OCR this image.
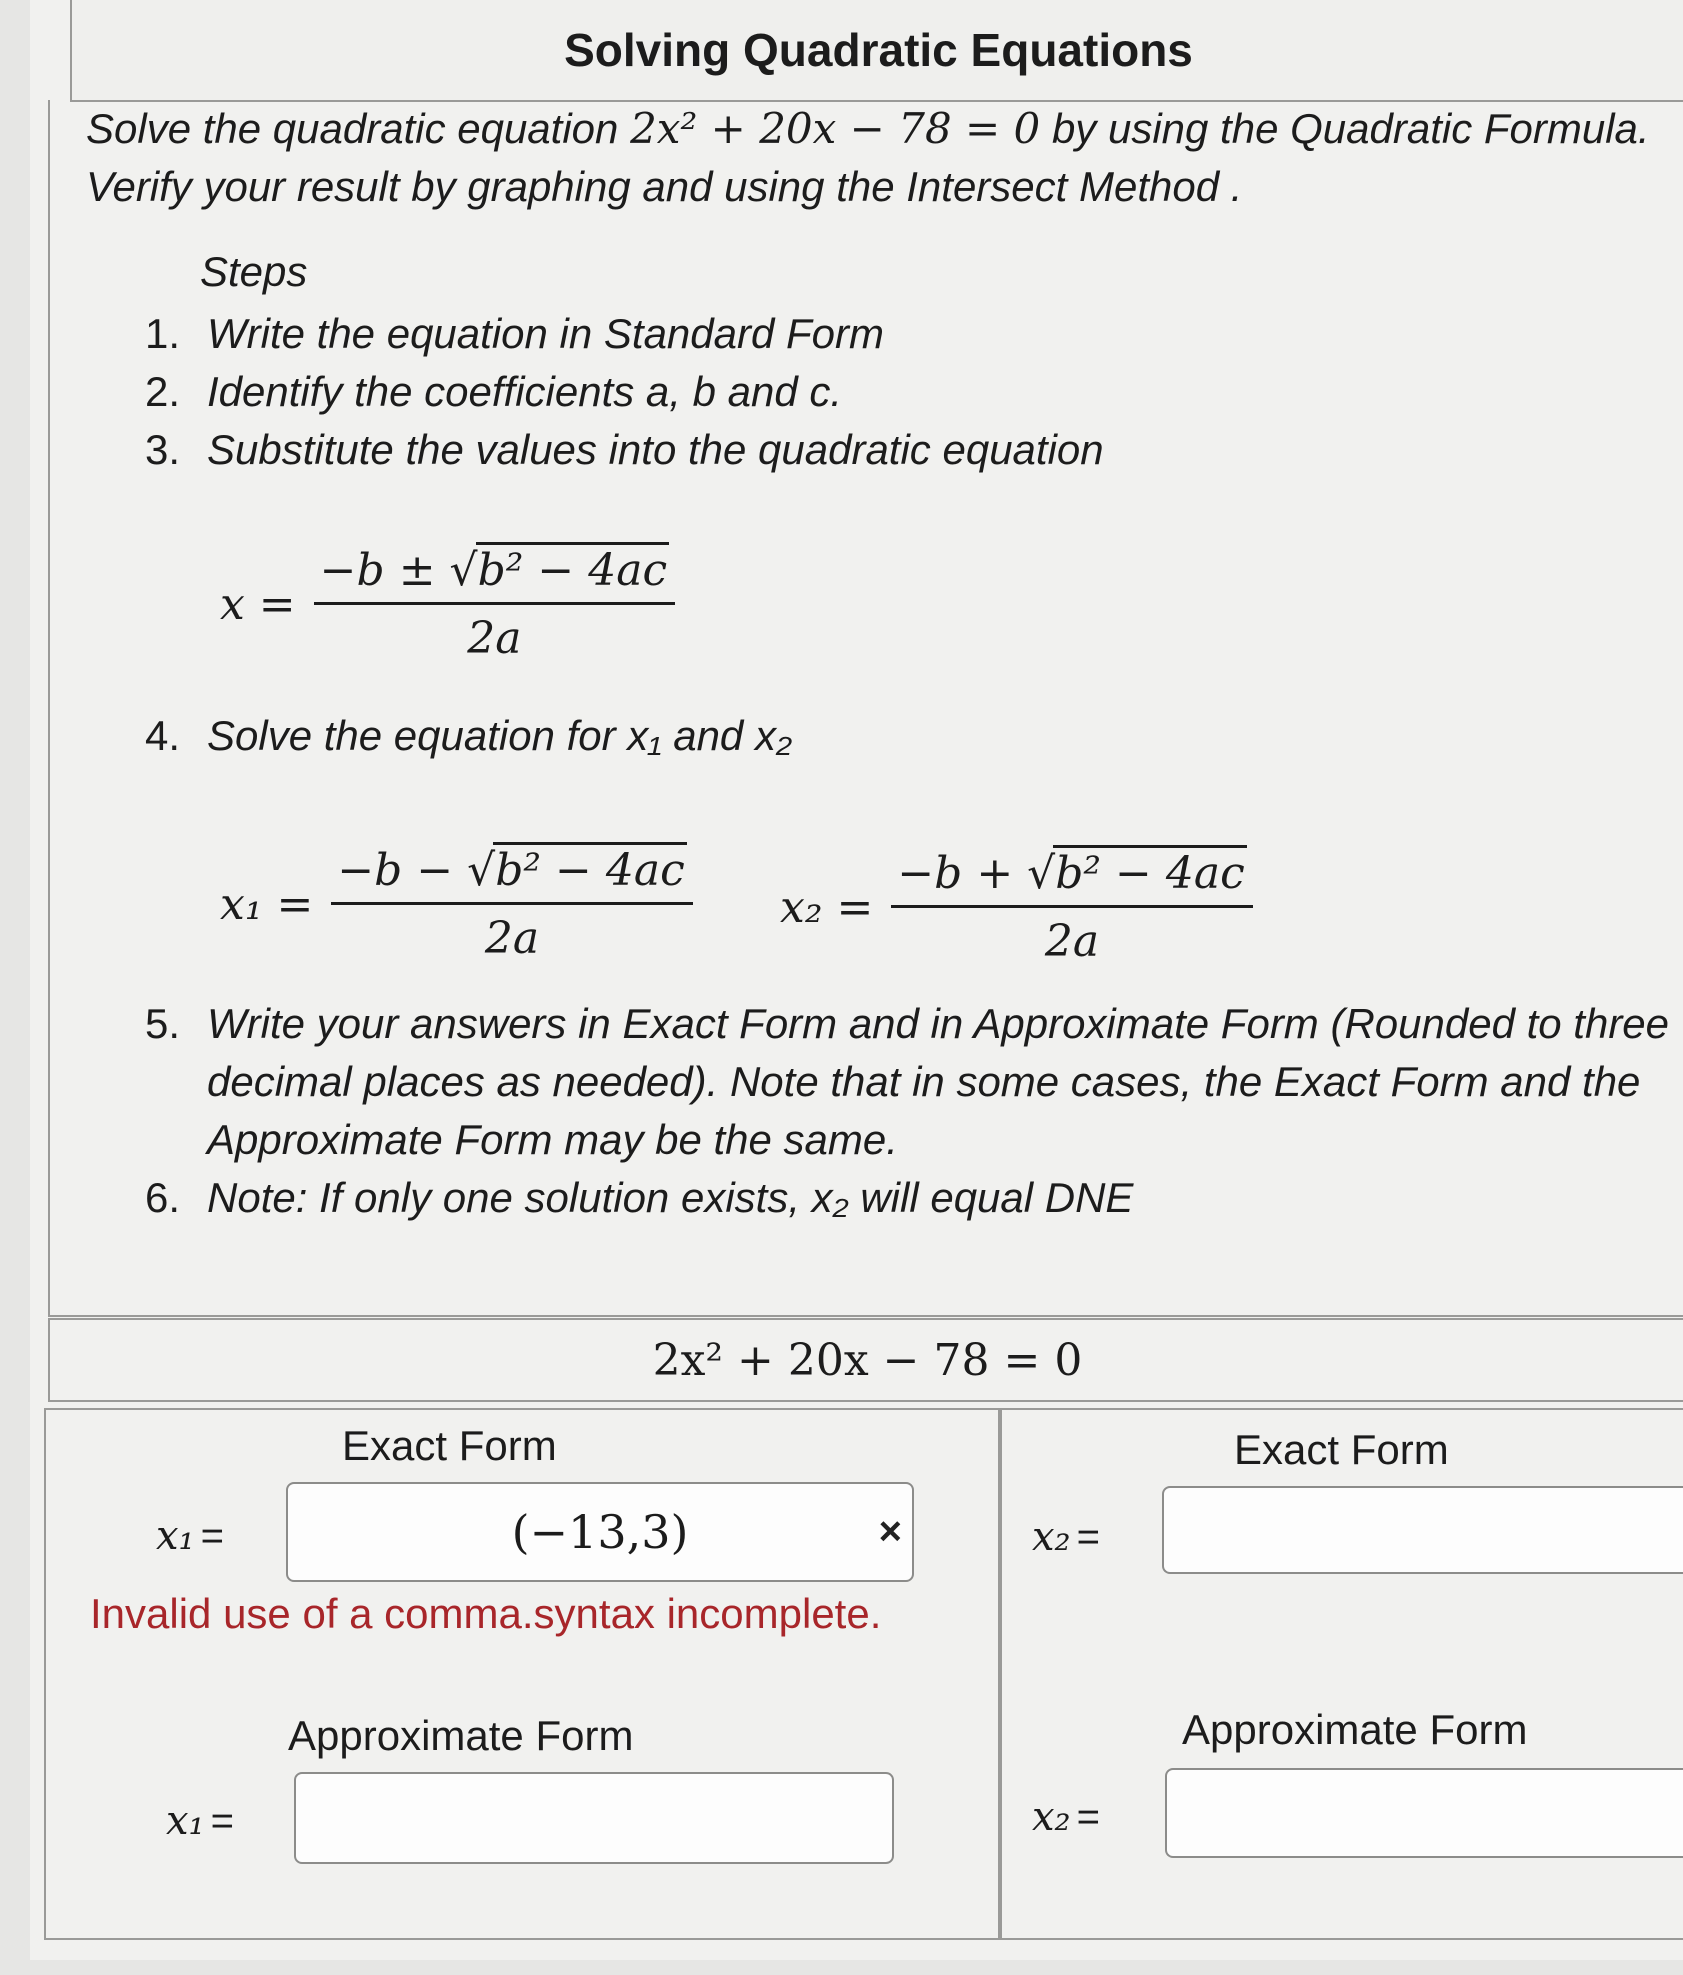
Solving Quadratic Equations
Solve the quadratic equation 2x² + 20x − 78 = 0 by using the Quadratic Formula.
Verify your result by graphing and using the Intersect Method .
Steps
1. Write the equation in Standard Form
2. Identify the coefficients a, b and c.
3. Substitute the values into the quadratic equation
4. Solve the equation for x₁ and x₂
5. Write your answers in Exact Form and in Approximate Form (Rounded to three decimal places as needed). Note that in some cases, the Exact Form and the Approximate Form may be the same.
6. Note: If only one solution exists, x₂ will equal DNE
$x = \frac{\text{−b ± √b² − 4ac}}{2a}$
$x_1 = \frac{\text{−b − √b² − 4ac}}{2a} x_2 = \frac{\text{−b + √b² − 4ac}}{2a}$
2x² + 20x − 78 = 0
Exact Form
x₁ =	(−13,3)	×
Invalid use of a comma.syntax incomplete.
Approximate Form
x₁ =
Exact Form
x₂ =
Approximate Form
x₂ =
